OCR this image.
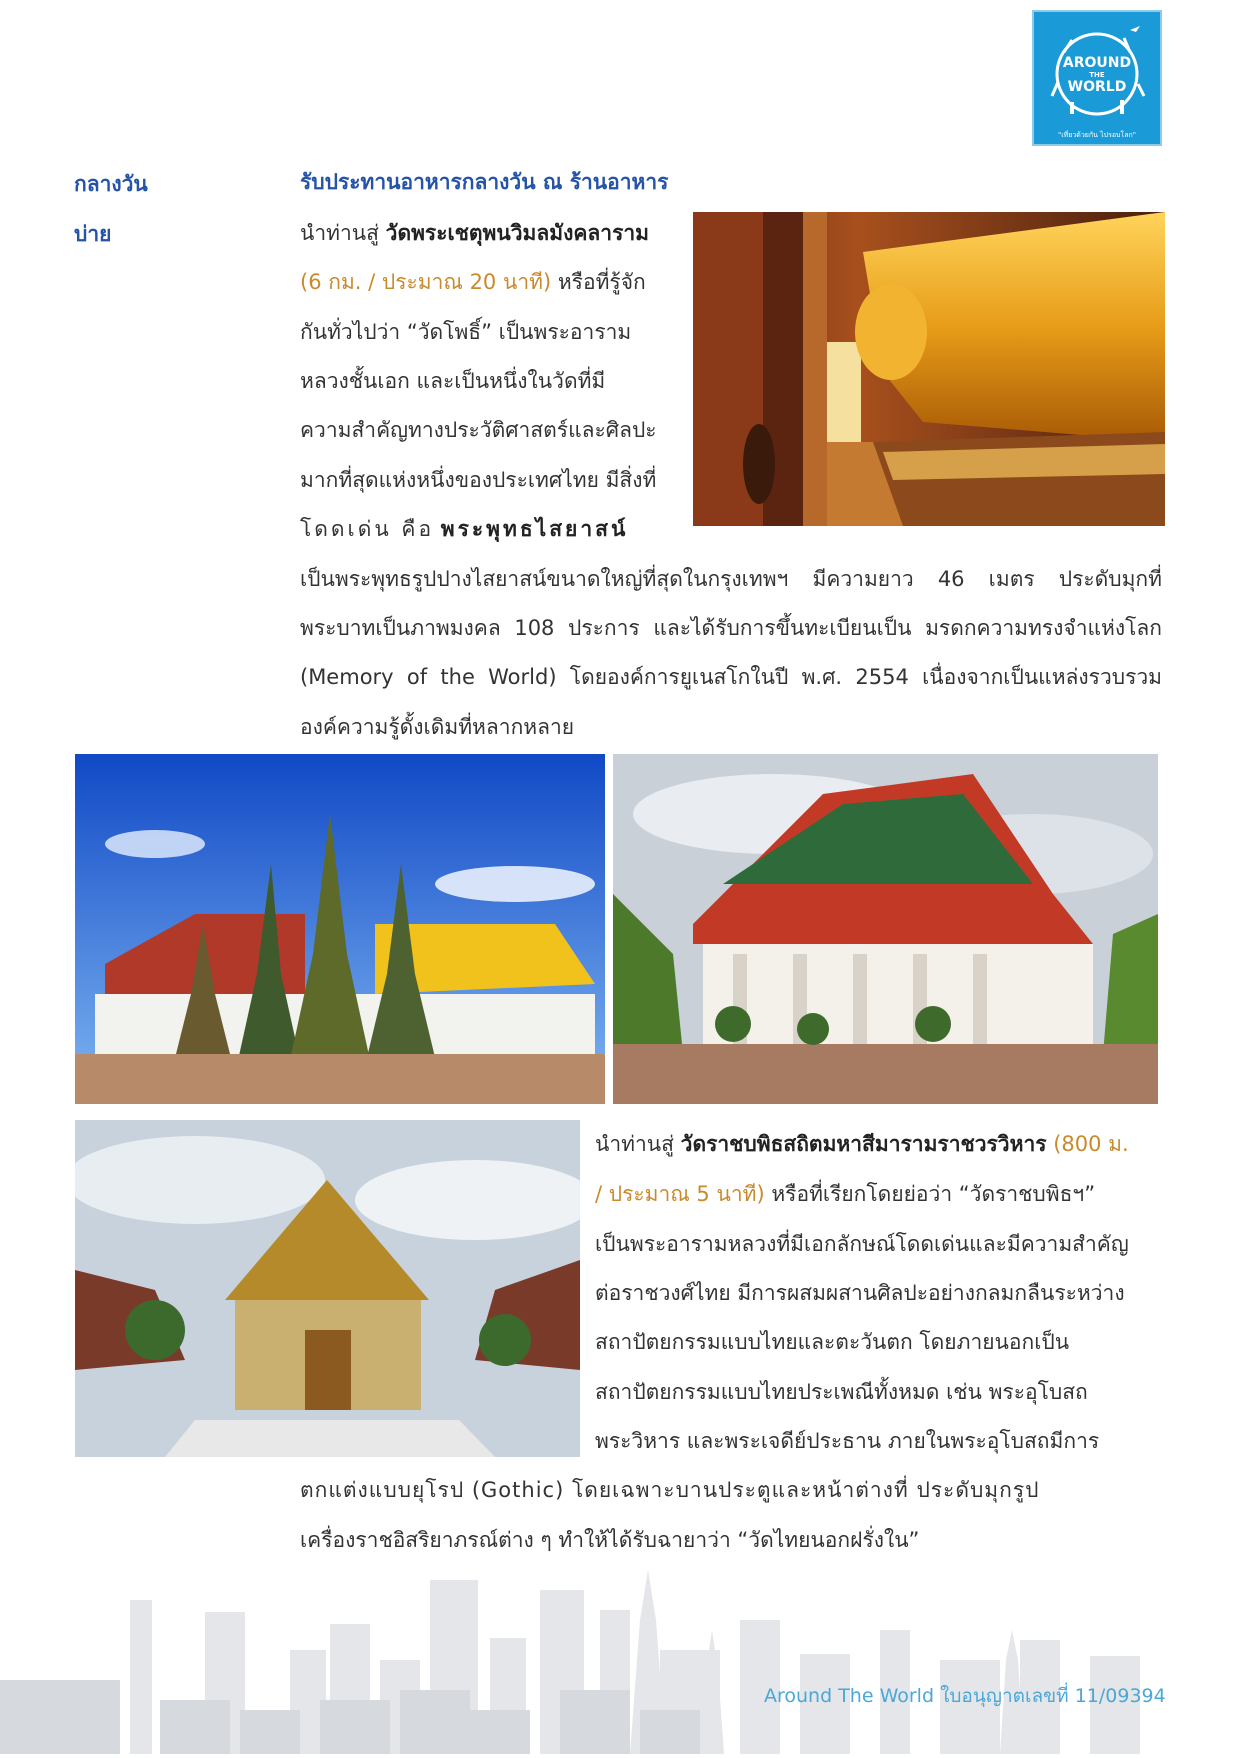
AROUND
THE
WORLD
"เที่ยวด้วยกัน ไปรอบโลก"
กลางวัน
บ่าย
รับประทานอาหารกลางวัน ณ ร้านอาหาร
นำท่านสู่ วัดพระเชตุพนวิมลมังคลาราม
(6 กม. / ประมาณ 20 นาที) หรือที่รู้จัก
กันทั่วไปว่า “วัดโพธิ์” เป็นพระอาราม
หลวงชั้นเอก และเป็นหนึ่งในวัดที่มี
ความสำคัญทางประวัติศาสตร์และศิลปะ
มากที่สุดแห่งหนึ่งของประเทศไทย มีสิ่งที่
โดดเด่น คือ พระพุทธไสยาสน์
เป็นพระพุทธรูปปางไสยาสน์ขนาดใหญ่ที่สุดในกรุงเทพฯ มีความยาว 46 เมตร ประดับมุกที่
พระบาทเป็นภาพมงคล 108 ประการ และได้รับการขึ้นทะเบียนเป็น มรดกความทรงจำแห่งโลก
(Memory of the World) โดยองค์การยูเนสโกในปี พ.ศ. 2554 เนื่องจากเป็นแหล่งรวบรวม
องค์ความรู้ดั้งเดิมที่หลากหลาย
นำท่านสู่ วัดราชบพิธสถิตมหาสีมารามราชวรวิหาร (800 ม.
/ ประมาณ 5 นาที) หรือที่เรียกโดยย่อว่า “วัดราชบพิธฯ”
เป็นพระอารามหลวงที่มีเอกลักษณ์โดดเด่นและมีความสำคัญ
ต่อราชวงศ์ไทย มีการผสมผสานศิลปะอย่างกลมกลืนระหว่าง
สถาปัตยกรรมแบบไทยและตะวันตก โดยภายนอกเป็น
สถาปัตยกรรมแบบไทยประเพณีทั้งหมด เช่น พระอุโบสถ
พระวิหาร และพระเจดีย์ประธาน ภายในพระอุโบสถมีการ
ตกแต่งแบบยุโรป (Gothic) โดยเฉพาะบานประตูและหน้าต่างที่ ประดับมุกรูป
เครื่องราชอิสริยาภรณ์ต่าง ๆ ทำให้ได้รับฉายาว่า “วัดไทยนอกฝรั่งใน”
Around The World ใบอนุญาตเลขที่ 11/09394
